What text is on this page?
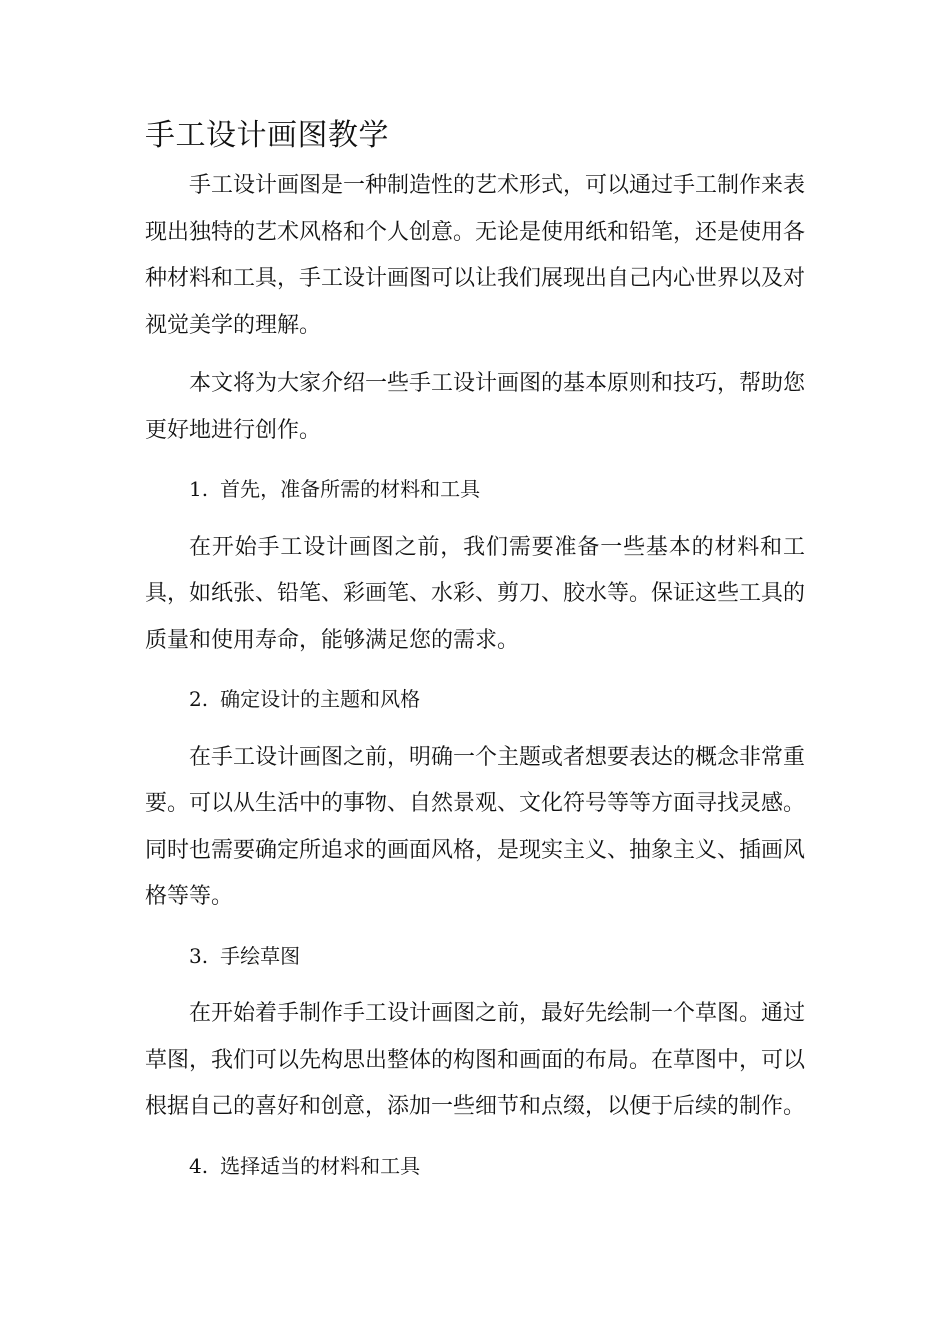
手工设计画图教学

手工设计画图是一种制造性的艺术形式，可以通过手工制作来表现出独特的艺术风格和个人创意。无论是使用纸和铅笔，还是使用各种材料和工具，手工设计画图可以让我们展现出自己内心世界以及对视觉美学的理解。

本文将为大家介绍一些手工设计画图的基本原则和技巧，帮助您更好地进行创作。

1. 首先，准备所需的材料和工具

在开始手工设计画图之前，我们需要准备一些基本的材料和工具，如纸张、铅笔、彩画笔、水彩、剪刀、胶水等。保证这些工具的质量和使用寿命，能够满足您的需求。

2. 确定设计的主题和风格

在手工设计画图之前，明确一个主题或者想要表达的概念非常重要。可以从生活中的事物、自然景观、文化符号等等方面寻找灵感。同时也需要确定所追求的画面风格，是现实主义、抽象主义、插画风格等等。

3. 手绘草图

在开始着手制作手工设计画图之前，最好先绘制一个草图。通过草图，我们可以先构思出整体的构图和画面的布局。在草图中，可以根据自己的喜好和创意，添加一些细节和点缀，以便于后续的制作。

4. 选择适当的材料和工具
